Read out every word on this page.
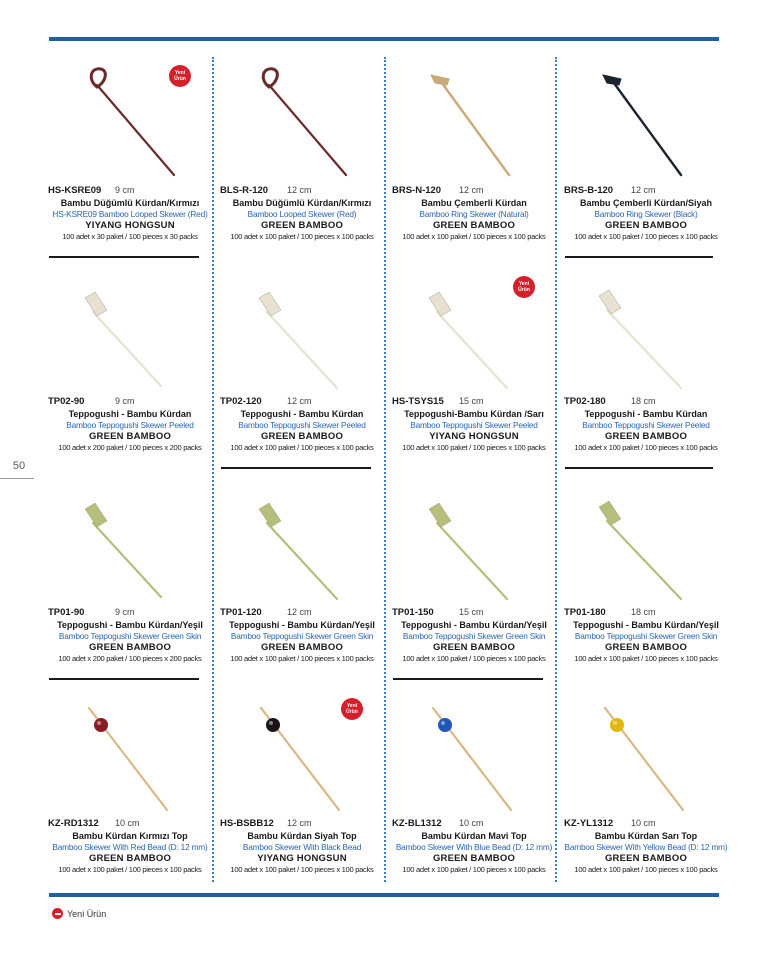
50
Yeni
Ürün
HS-KSRE09 9 cm
Bambu Düğümlü Kürdan/Kırmızı
HS-KSRE09 Bamboo Looped Skewer (Red)
YIYANG HONGSUN
100 adet x 30 paket / 100 pieces x 30 packs
BLS-R-120 12 cm
Bambu Düğümlü Kürdan/Kırmızı
Bamboo Looped Skewer (Red)
GREEN BAMBOO
100 adet x 100 paket / 100 pieces x 100 packs
BRS-N-120 12 cm
Bambu Çemberli Kürdan
Bamboo Ring Skewer (Natural)
GREEN BAMBOO
100 adet x 100 paket / 100 pieces x 100 packs
BRS-B-120 12 cm
Bambu Çemberli Kürdan/Siyah
Bamboo Ring Skewer (Black)
GREEN BAMBOO
100 adet x 100 paket / 100 pieces x 100 packs
TP02-90	9 cm
Teppogushi - Bambu Kürdan
Bamboo Teppogushi Skewer Peeled
GREEN BAMBOO
100 adet x 200 paket / 100 pieces x 200 packs
TP02-120	12 cm
Teppogushi - Bambu Kürdan
Bamboo Teppogushi Skewer Peeled
GREEN BAMBOO
100 adet x 100 paket / 100 pieces x 100 packs
Yeni
Ürün
HS-TSYS15 15 cm
Teppogushi-Bambu Kürdan /Sarı
Bamboo Teppogushi Skewer Peeled
YIYANG HONGSUN
100 adet x 100 paket / 100 pieces x 100 packs
TP02-180	18 cm
Teppogushi - Bambu Kürdan
Bamboo Teppogushi Skewer Peeled
GREEN BAMBOO
100 adet x 100 paket / 100 pieces x 100 packs
TP01-90	9 cm
Teppogushi - Bambu Kürdan/Yeşil
Bamboo Teppogushi Skewer Green Skin
GREEN BAMBOO
100 adet x 200 paket / 100 pieces x 200 packs
TP01-120	12 cm
Teppogushi - Bambu Kürdan/Yeşil
Bamboo Teppogushi Skewer Green Skin
GREEN BAMBOO
100 adet x 100 paket / 100 pieces x 100 packs
TP01-150	15 cm
Teppogushi - Bambu Kürdan/Yeşil
Bamboo Teppogushi Skewer Green Skin
GREEN BAMBOO
100 adet x 100 paket / 100 pieces x 100 packs
TP01-180	18 cm
Teppogushi - Bambu Kürdan/Yeşil
Bamboo Teppogushi Skewer Green Skin
GREEN BAMBOO
100 adet x 100 paket / 100 pieces x 100 packs
KZ-RD1312 10 cm
Bambu Kürdan Kırmızı Top
Bamboo Skewer With Red Bead (D: 12 mm)
GREEN BAMBOO
100 adet x 100 paket / 100 pieces x 100 packs
Yeni
Ürün
HS-BSBB12 12 cm
Bambu Kürdan Siyah Top
Bamboo Skewer With Black Bead
YIYANG HONGSUN
100 adet x 100 paket / 100 pieces x 100 packs
KZ-BL1312 10 cm
Bambu Kürdan Mavi Top
Bamboo Skewer With Blue Bead (D: 12 mm)
GREEN BAMBOO
100 adet x 100 paket / 100 pieces x 100 packs
KZ-YL1312 10 cm
Bambu Kürdan Sarı Top
Bamboo Skewer With Yellow Bead (D: 12 mm)
GREEN BAMBOO
100 adet x 100 paket / 100 pieces x 100 packs
Yeni Ürün
